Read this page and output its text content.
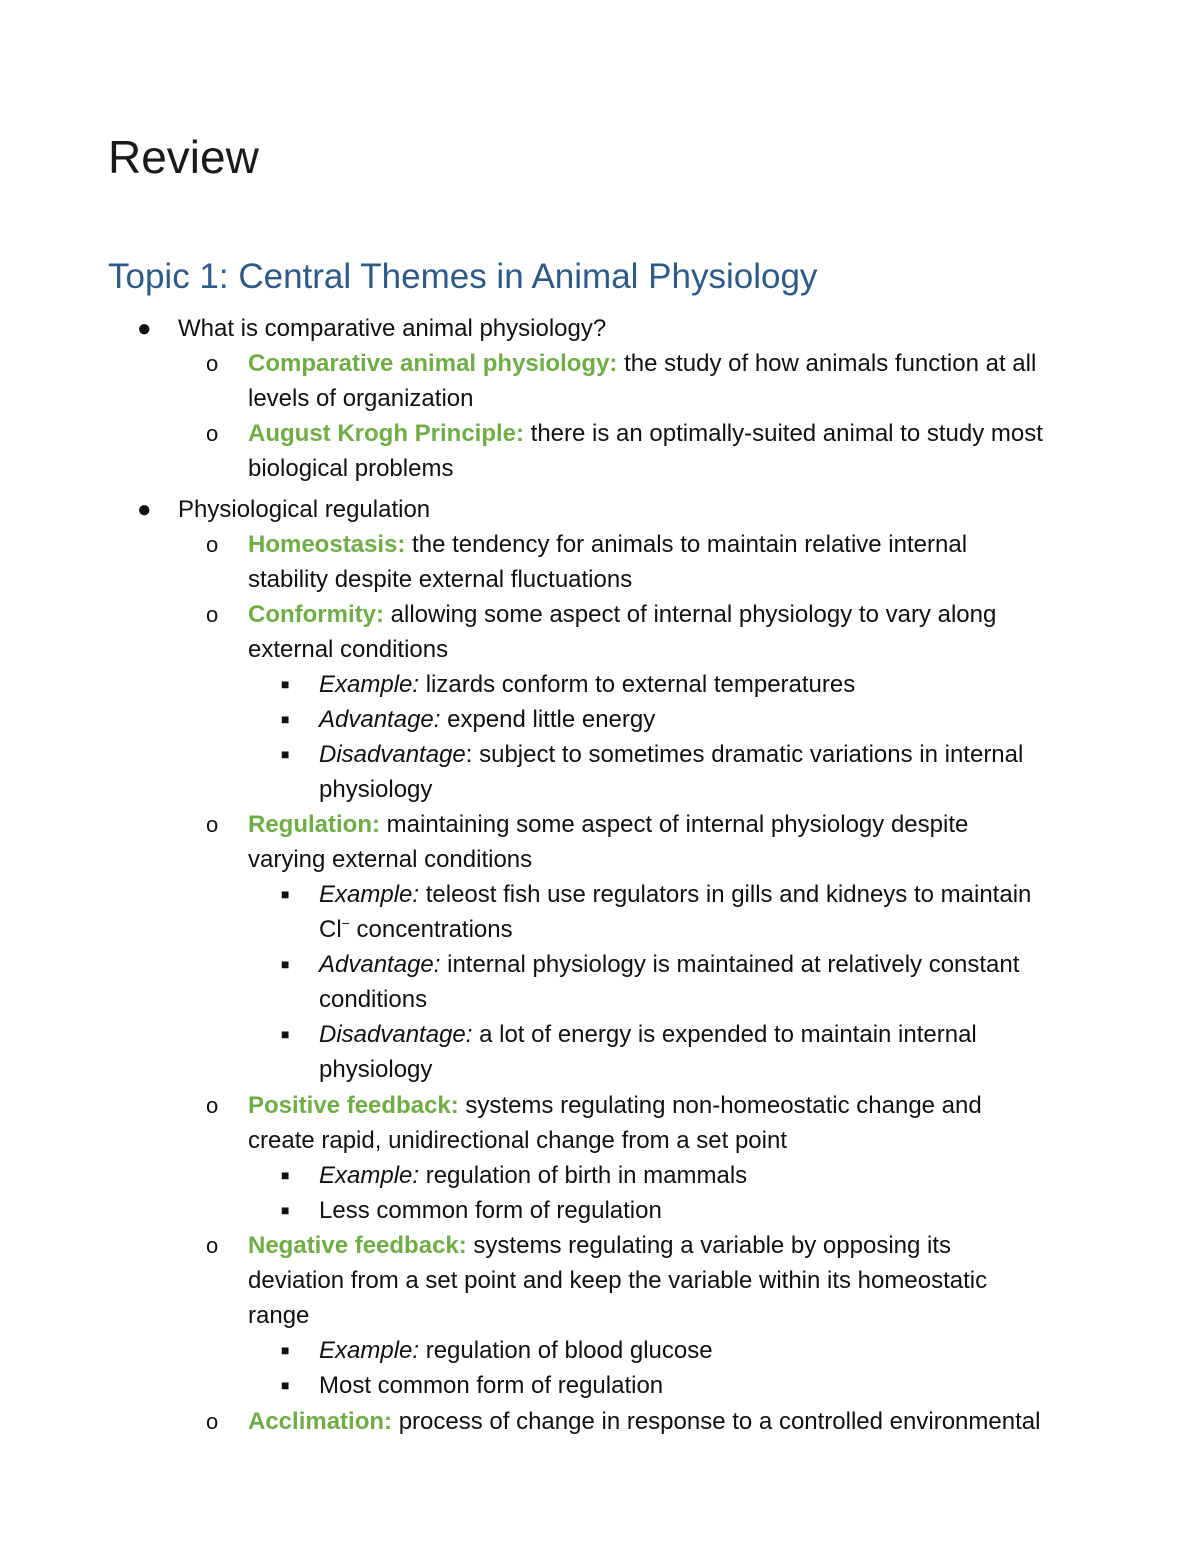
Review
Topic 1: Central Themes in Animal Physiology
● What is comparative animal physiology?
o Comparative animal physiology: the study of how animals function at all
levels of organization
o August Krogh Principle: there is an optimally-suited animal to study most
biological problems
● Physiological regulation
o Homeostasis: the tendency for animals to maintain relative internal
stability despite external fluctuations
o Conformity: allowing some aspect of internal physiology to vary along
external conditions
■ Example: lizards conform to external temperatures
■ Advantage: expend little energy
■ Disadvantage: subject to sometimes dramatic variations in internal
physiology
o Regulation: maintaining some aspect of internal physiology despite
varying external conditions
■ Example: teleost fish use regulators in gills and kidneys to maintain
Cl− concentrations
■ Advantage: internal physiology is maintained at relatively constant
conditions
■ Disadvantage: a lot of energy is expended to maintain internal
physiology
o Positive feedback: systems regulating non-homeostatic change and
create rapid, unidirectional change from a set point
■ Example: regulation of birth in mammals
■ Less common form of regulation
o Negative feedback: systems regulating a variable by opposing its
deviation from a set point and keep the variable within its homeostatic
range
■ Example: regulation of blood glucose
■ Most common form of regulation
o Acclimation: process of change in response to a controlled environmental
